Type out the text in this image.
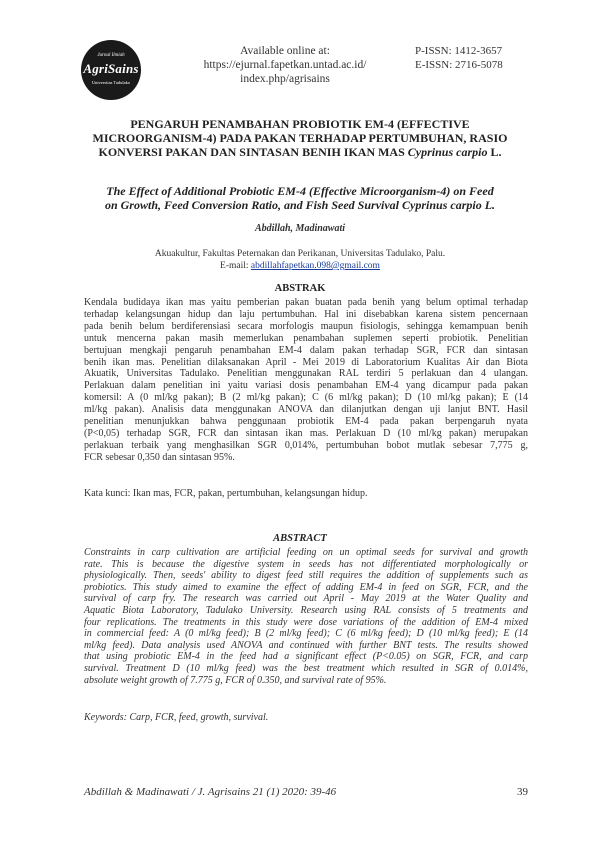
Jurnal Ilmiah
AgriSains
Universitas Tadulako
Available online at:
https://ejurnal.fapetkan.untad.ac.id/
index.php/agrisains
P-ISSN: 1412-3657
E-ISSN: 2716-5078
PENGARUH PENAMBAHAN PROBIOTIK EM-4 (EFFECTIVE
MICROORGANISM-4) PADA PAKAN TERHADAP PERTUMBUHAN, RASIO
KONVERSI PAKAN DAN SINTASAN BENIH IKAN MAS Cyprinus carpio L.
The Effect of Additional Probiotic EM-4 (Effective Microorganism-4) on Feed
on Growth, Feed Conversion Ratio, and Fish Seed Survival Cyprinus carpio L.
Abdillah, Madinawati
Akuakultur, Fakultas Peternakan dan Perikanan, Universitas Tadulako, Palu.
E-mail: abdillahfapetkan.098@gmail.com
ABSTRAK
Kendala budidaya ikan mas yaitu pemberian pakan buatan pada benih yang belum optimal terhadap
terhadap kelangsungan hidup dan laju pertumbuhan. Hal ini disebabkan karena sistem pencernaan
pada benih belum berdiferensiasi secara morfologis maupun fisiologis, sehingga kemampuan benih
untuk mencerna pakan masih memerlukan penambahan suplemen seperti probiotik. Penelitian
bertujuan mengkaji pengaruh penambahan EM-4 dalam pakan terhadap SGR, FCR dan sintasan
benih ikan mas. Penelitian dilaksanakan April - Mei 2019 di Laboratorium Kualitas Air dan Biota
Akuatik, Universitas Tadulako. Penelitian menggunakan RAL terdiri 5 perlakuan dan 4 ulangan.
Perlakuan dalam penelitian ini yaitu variasi dosis penambahan EM-4 yang dicampur pada pakan
komersil: A (0 ml/kg pakan); B (2 ml/kg pakan); C (6 ml/kg pakan); D (10 ml/kg pakan); E (14
ml/kg pakan). Analisis data menggunakan ANOVA dan dilanjutkan dengan uji lanjut BNT. Hasil
penelitian menunjukkan bahwa penggunaan probiotik EM-4 pada pakan berpengaruh nyata
(P<0,05) terhadap SGR, FCR dan sintasan ikan mas. Perlakuan D (10 ml/kg pakan) merupakan
perlakuan terbaik yang menghasilkan SGR 0,014%, pertumbuhan bobot mutlak sebesar 7,775 g,
FCR sebesar 0,350 dan sintasan 95%.
Kata kunci: Ikan mas, FCR, pakan, pertumbuhan, kelangsungan hidup.
ABSTRACT
Constraints in carp cultivation are artificial feeding on un optimal seeds for survival and growth
rate. This is because the digestive system in seeds has not differentiated morphologically or
physiologically. Then, seeds' ability to digest feed still requires the addition of supplements such as
probiotics. This study aimed to examine the effect of adding EM-4 in feed on SGR, FCR, and the
survival of carp fry. The research was carried out April - May 2019 at the Water Quality and
Aquatic Biota Laboratory, Tadulako University. Research using RAL consists of 5 treatments and
four replications. The treatments in this study were dose variations of the addition of EM-4 mixed
in commercial feed: A (0 ml/kg feed); B (2 ml/kg feed); C (6 ml/kg feed); D (10 ml/kg feed); E (14
ml/kg feed). Data analysis used ANOVA and continued with further BNT tests. The results showed
that using probiotic EM-4 in the feed had a significant effect (P<0.05) on SGR, FCR, and carp
survival. Treatment D (10 ml/kg feed) was the best treatment which resulted in SGR of 0.014%,
absolute weight growth of 7.775 g, FCR of 0.350, and survival rate of 95%.
Keywords: Carp, FCR, feed, growth, survival.
Abdillah & Madinawati / J. Agrisains 21 (1) 2020: 39-46	39
